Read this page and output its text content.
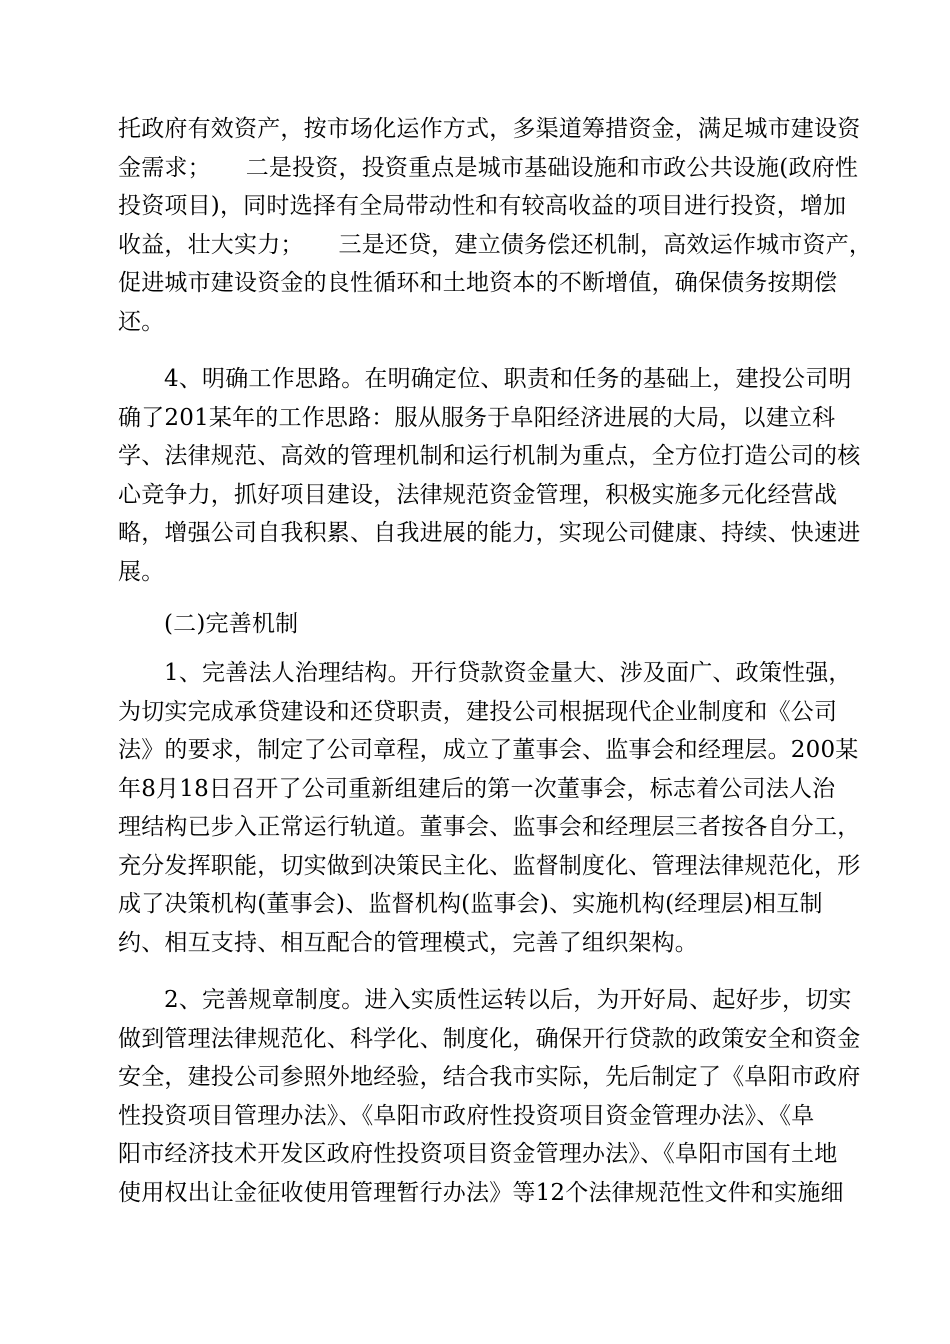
托政府有效资产，按市场化运作方式，多渠道筹措资金，满足城市建设资
金需求；　　二是投资，投资重点是城市基础设施和市政公共设施(政府性
投资项目)，同时选择有全局带动性和有较高收益的项目进行投资，增加
收益，壮大实力；　　三是还贷，建立债务偿还机制，高效运作城市资产，
促进城市建设资金的良性循环和土地资本的不断增值，确保债务按期偿
还。
4、明确工作思路。在明确定位、职责和任务的基础上，建投公司明
确了201某年的工作思路：服从服务于阜阳经济进展的大局，以建立科
学、法律规范、高效的管理机制和运行机制为重点，全方位打造公司的核
心竞争力，抓好项目建设，法律规范资金管理，积极实施多元化经营战
略，增强公司自我积累、自我进展的能力，实现公司健康、持续、快速进
展。
(二)完善机制
1、完善法人治理结构。开行贷款资金量大、涉及面广、政策性强，
为切实完成承贷建设和还贷职责，建投公司根据现代企业制度和《公司
法》的要求，制定了公司章程，成立了董事会、监事会和经理层。200某
年8月18日召开了公司重新组建后的第一次董事会，标志着公司法人治
理结构已步入正常运行轨道。董事会、监事会和经理层三者按各自分工，
充分发挥职能，切实做到决策民主化、监督制度化、管理法律规范化，形
成了决策机构(董事会)、监督机构(监事会)、实施机构(经理层)相互制
约、相互支持、相互配合的管理模式，完善了组织架构。
2、完善规章制度。进入实质性运转以后，为开好局、起好步，切实
做到管理法律规范化、科学化、制度化，确保开行贷款的政策安全和资金
安全，建投公司参照外地经验，结合我市实际，先后制定了《阜阳市政府
性投资项目管理办法》、《阜阳市政府性投资项目资金管理办法》、《阜
阳市经济技术开发区政府性投资项目资金管理办法》、《阜阳市国有土地
使用权出让金征收使用管理暂行办法》等12个法律规范性文件和实施细
